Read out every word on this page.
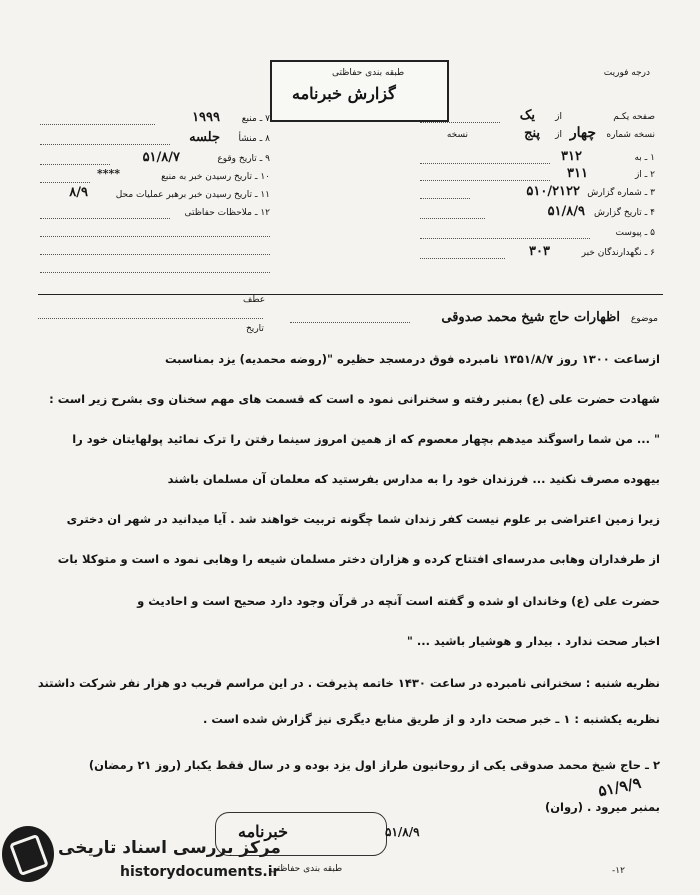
درجه فوریت
طبقه بندی حفاظتی
گزارش خبرنامه
صفحه یکـم
از
یک
نسخه شماره
چهار
از
پنج
نسخه
۱ ـ به
۳۱۲
۲ ـ از
۳۱۱
۳ ـ شماره گزارش
۵۱۰/۲۱۲۲
۴ ـ تاریخ گزارش
۵۱/۸/۹
۵ ـ پیوست
۶ ـ نگهدارندگان خبر
۳۰۳
۷ ـ منبع
۱۹۹۹
۸ ـ منشأ
جلسه
۹ ـ تاریخ وقوع
۵۱/۸/۷
۱۰ ـ تاریخ رسیدن خبر به منبع
****
۱۱ ـ تاریخ رسیدن خبر برهبر عملیات محل
۸/۹
۱۲ ـ ملاحظات حفاظتی
موضوع
اظهارات حاج شیخ محمد صدوقی
عطف
تاریخ
ازساعت ۱۳۰۰ روز ۱۳۵۱/۸/۷ نامبرده فوق درمسجد حظیره "(روضه محمدیه) یزد بمناسبت
شهادت حضرت علی (ع) بمنبر رفته و سخنرانی نمود ه است که قسمت های مهم سخنان وی بشرح زیر است :
" ... من شما راسوگند میدهم بچهار معصوم که از همین امروز سینما رفتن را ترک نمائید پولهایتان خود را
بیهوده مصرف نکنید ... فرزندان خود را به مدارس بفرستید که معلمان آن مسلمان باشند
زیرا زمین اعتراضی بر علوم نیست کفر زندان شما چگونه تربیت خواهند شد . آیا میدانید در شهر ان دختری
از طرفداران وهابی مدرسه‌ای افتتاح کرده و هزاران دختر مسلمان شیعه را وهابی نمود ه است و متوکلا بات
حضرت علی (ع) وخاندان او شده و گفته است آنچه در قرآن وجود دارد صحیح است و احادیث و
اخبار صحت ندارد . بیدار و هوشیار باشید ... "
نظریه شنبه : سخنرانی نامبرده در ساعت ۱۴۳۰ خاتمه پذیرفت . در این مراسم قریب دو هزار نفر شرکت داشتند
نظریه یکشنبه : ۱ ـ خبر صحت دارد و از طریق منابع دیگری نیز گزارش شده است .
۲ ـ حاج شیخ محمد صدوقی یکی از روحانیون طراز اول یزد بوده و در سال فقط یکبار (روز ۲۱ رمضان)
بمنبر میرود . (روان)
۵۱/۹/۹
خبرنامه	۵۱/۸/۹
طبقه بندی حفاظتی	-۱۲
مرکز بررسی اسناد تاریخی
historydocuments.ir
